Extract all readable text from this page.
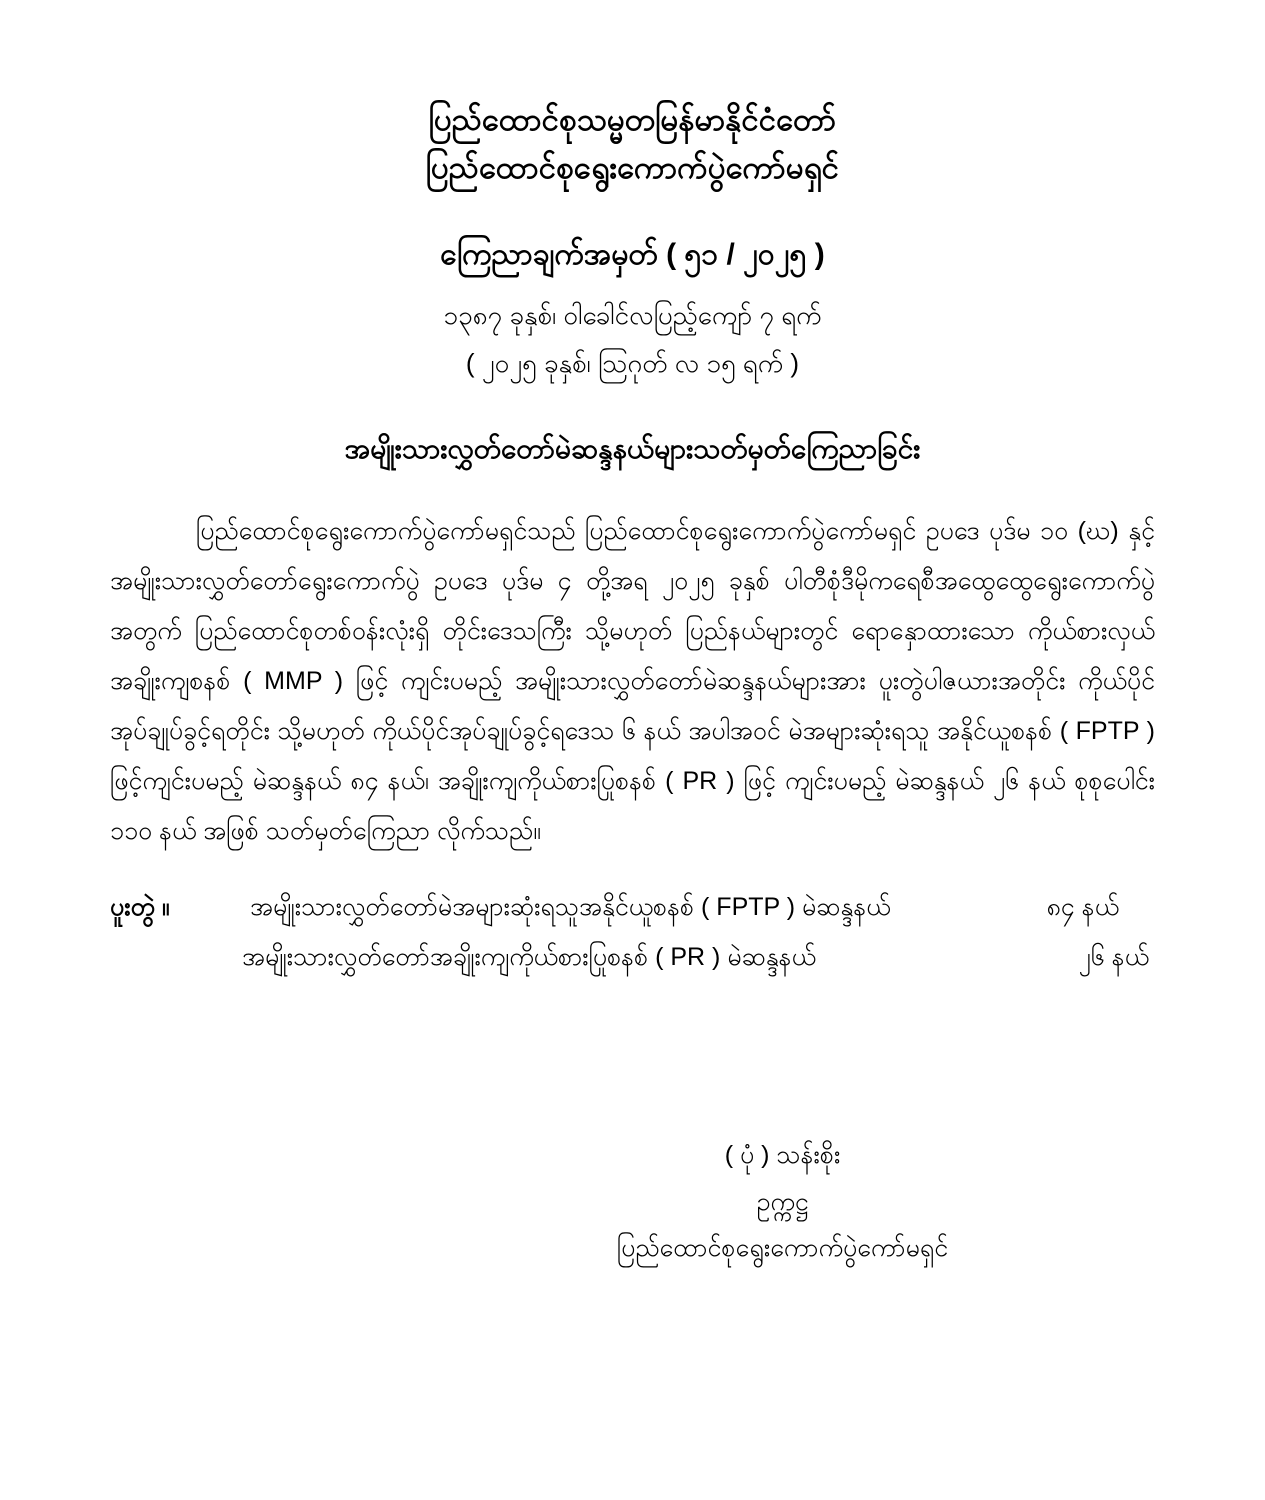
ပြည်ထောင်စုသမ္မတမြန်မာနိုင်ငံတော်
ပြည်ထောင်စုရွေးကောက်ပွဲကော်မရှင်
ကြေညာချက်အမှတ် ( ၅၁ / ၂၀၂၅ )
၁၃၈၇ ခုနှစ်၊ ဝါခေါင်လပြည့်ကျော် ၇ ရက်
( ၂၀၂၅ ခုနှစ်၊ သြဂုတ် လ ၁၅ ရက် )
အမျိုးသားလွှတ်တော်မဲဆန္ဒနယ်များသတ်မှတ်ကြေညာခြင်း

ပြည်ထောင်စုရွေးကောက်ပွဲကော်မရှင်သည် ပြည်ထောင်စုရွေးကောက်ပွဲကော်မရှင် ဥပဒေ ပုဒ်မ ၁၀ (ဃ) နှင့် အမျိုးသားလွှတ်တော်ရွေးကောက်ပွဲ ဥပဒေ ပုဒ်မ ၄ တို့အရ ၂၀၂၅ ခုနှစ် ပါတီစုံဒီမိုကရေစီအထွေထွေရွေးကောက်ပွဲအတွက် ပြည်ထောင်စုတစ်ဝန်းလုံးရှိ တိုင်းဒေသကြီး သို့မဟုတ် ပြည်နယ်များတွင် ရောနှောထားသော ကိုယ်စားလှယ်အချိုးကျစနစ် ( MMP ) ဖြင့် ကျင်းပမည့် အမျိုးသားလွှတ်တော်မဲဆန္ဒနယ်များအား ပူးတွဲပါဇယားအတိုင်း ကိုယ်ပိုင်အုပ်ချုပ်ခွင့်ရတိုင်း သို့မဟုတ် ကိုယ်ပိုင်အုပ်ချုပ်ခွင့်ရဒေသ ၆ နယ် အပါအဝင် မဲအများဆုံးရသူ အနိုင်ယူစနစ် ( FPTP ) ဖြင့်ကျင်းပမည့် မဲဆန္ဒနယ် ၈၄ နယ်၊ အချိုးကျကိုယ်စားပြုစနစ် ( PR ) ဖြင့် ကျင်းပမည့် မဲဆန္ဒနယ် ၂၆ နယ် စုစုပေါင်း ၁၁၀ နယ် အဖြစ် သတ်မှတ်ကြေညာ လိုက်သည်။

ပူးတွဲ ။	အမျိုးသားလွှတ်တော်မဲအများဆုံးရသူအနိုင်ယူစနစ် ( FPTP ) မဲဆန္ဒနယ်	၈၄ နယ်
အမျိုးသားလွှတ်တော်အချိုးကျကိုယ်စားပြုစနစ် ( PR ) မဲဆန္ဒနယ်	၂၆ နယ်
( ပုံ ) သန်းစိုး
ဥက္ကဋ္ဌ
ပြည်ထောင်စုရွေးကောက်ပွဲကော်မရှင်
